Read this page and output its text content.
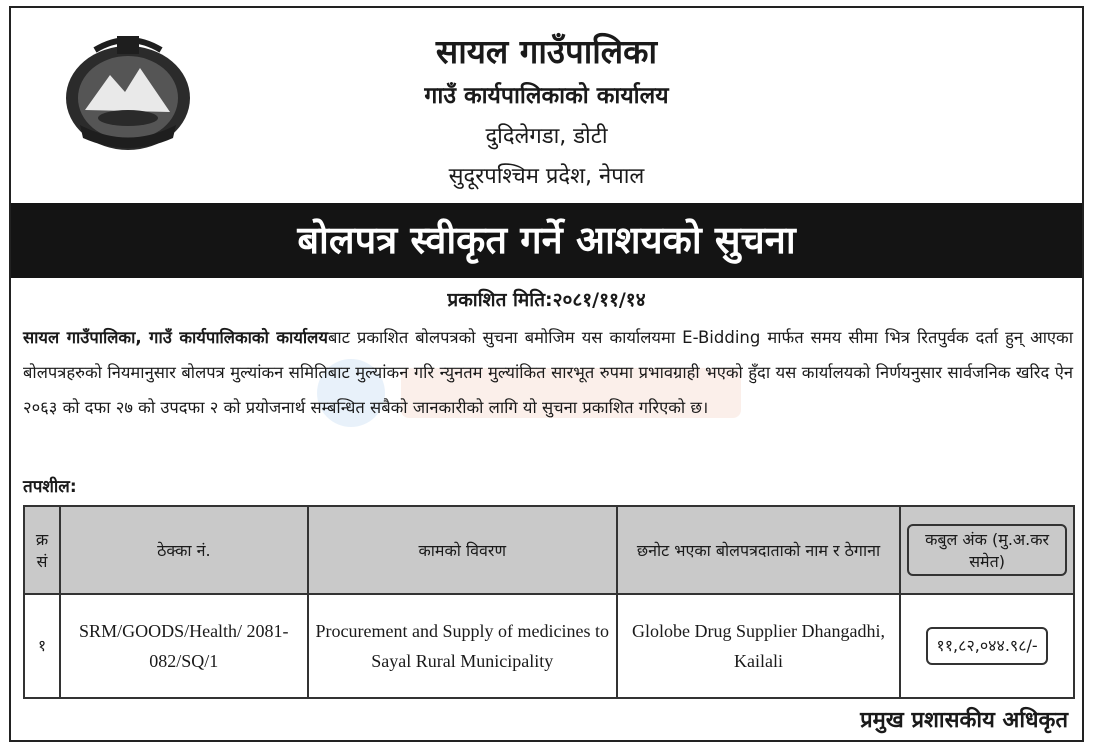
सायल गाउँपालिका
गाउँ कार्यपालिकाको कार्यालय
दुदिलेगडा, डोटी
सुदूरपश्चिम प्रदेश, नेपाल
बोलपत्र स्वीकृत गर्ने आशयको सुचना
प्रकाशित मिति:२०८१/११/१४
सायल गाउँपालिका, गाउँ कार्यपालिकाको कार्यालयबाट प्रकाशित बोलपत्रको सुचना बमोजिम यस कार्यालयमा E-Bidding मार्फत समय सीमा भित्र रितपुर्वक दर्ता हुन् आएका बोलपत्रहरुको नियमानुसार बोलपत्र मुल्यांकन समितिबाट मुल्यांकन गरि न्युनतम मुल्यांकित सारभूत रुपमा प्रभावग्राही भएको हुँदा यस कार्यालयको निर्णयनुसार सार्वजनिक खरिद ऐन २०६३ को दफा २७ को उपदफा २ को प्रयोजनार्थ सम्बन्धित सबैको जानकारीको लागि यो सुचना प्रकाशित गरिएको छ।
तपशील:
क्र सं	ठेक्का नं.	कामको विवरण	छनोट भएका बोलपत्रदाताको नाम र ठेगाना	कबुल अंक (मु.अ.कर समेत)
१	SRM/GOODS/Health/ 2081-082/SQ/1	Procurement and Supply of medicines to Sayal Rural Municipality	Glolobe Drug Supplier Dhangadhi, Kailali	११,८२,०४४.९८/-
प्रमुख प्रशासकीय अधिकृत
